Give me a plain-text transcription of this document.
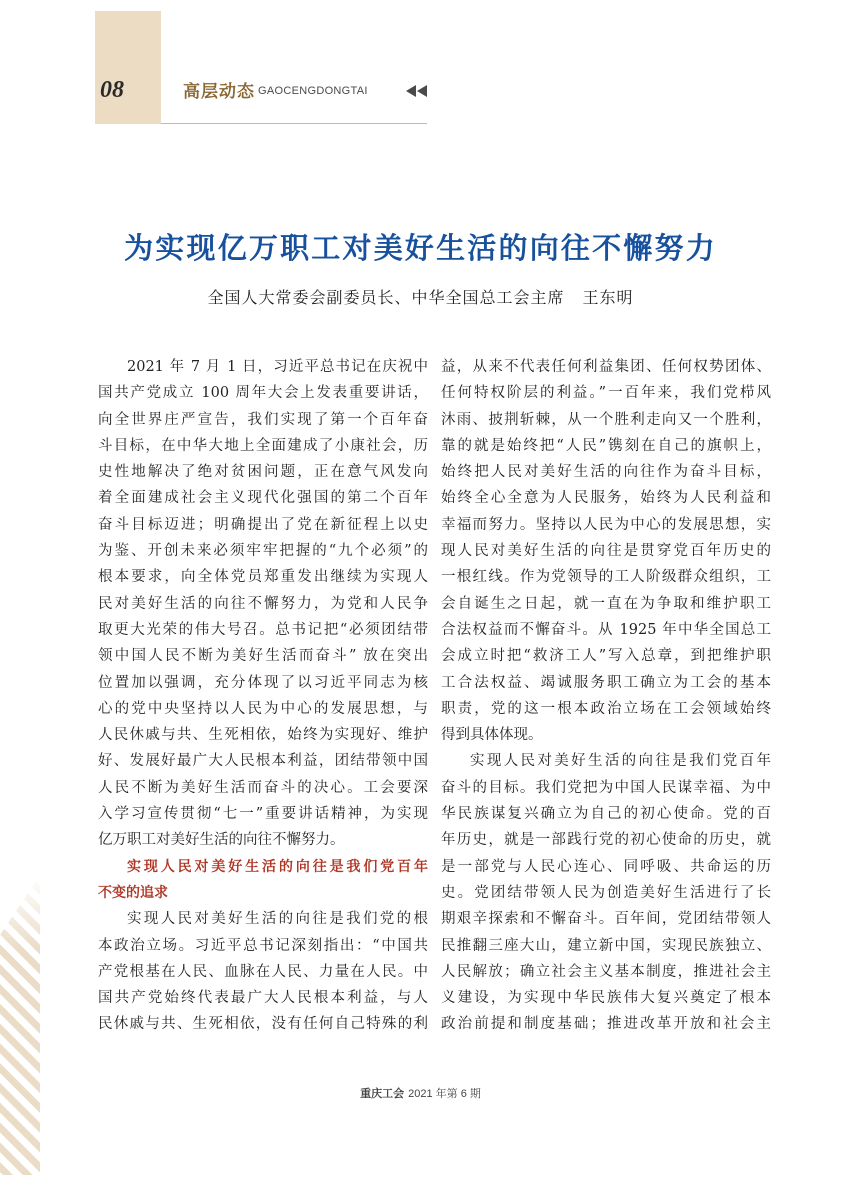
08	高层动态 GAOCENGDONGTAI
为实现亿万职工对美好生活的向往不懈努力
全国人大常委会副委员长、中华全国总工会主席 王东明
2021 年 7 月 1 日，习近平总书记在庆祝中
国共产党成立 100 周年大会上发表重要讲话，
向全世界庄严宣告，我们实现了第一个百年奋
斗目标，在中华大地上全面建成了小康社会，历
史性地解决了绝对贫困问题，正在意气风发向
着全面建成社会主义现代化强国的第二个百年
奋斗目标迈进；明确提出了党在新征程上以史
为鉴、开创未来必须牢牢把握的“九个必须”的
根本要求，向全体党员郑重发出继续为实现人
民对美好生活的向往不懈努力，为党和人民争
取更大光荣的伟大号召。总书记把“必须团结带
领中国人民不断为美好生活而奋斗” 放在突出
位置加以强调，充分体现了以习近平同志为核
心的党中央坚持以人民为中心的发展思想，与
人民休戚与共、生死相依，始终为实现好、维护
好、发展好最广大人民根本利益，团结带领中国
人民不断为美好生活而奋斗的决心。工会要深
入学习宣传贯彻“七一”重要讲话精神，为实现
亿万职工对美好生活的向往不懈努力。
实现人民对美好生活的向往是我们党百年
不变的追求
实现人民对美好生活的向往是我们党的根
本政治立场。习近平总书记深刻指出：“中国共
产党根基在人民、血脉在人民、力量在人民。中
国共产党始终代表最广大人民根本利益，与人
民休戚与共、生死相依，没有任何自己特殊的利
益，从来不代表任何利益集团、任何权势团体、
任何特权阶层的利益。”一百年来，我们党栉风
沐雨、披荆斩棘，从一个胜利走向又一个胜利，
靠的就是始终把“人民”镌刻在自己的旗帜上，
始终把人民对美好生活的向往作为奋斗目标，
始终全心全意为人民服务，始终为人民利益和
幸福而努力。坚持以人民为中心的发展思想，实
现人民对美好生活的向往是贯穿党百年历史的
一根红线。作为党领导的工人阶级群众组织，工
会自诞生之日起，就一直在为争取和维护职工
合法权益而不懈奋斗。从 1925 年中华全国总工
会成立时把“救济工人”写入总章，到把维护职
工合法权益、竭诚服务职工确立为工会的基本
职责，党的这一根本政治立场在工会领域始终
得到具体体现。
实现人民对美好生活的向往是我们党百年
奋斗的目标。我们党把为中国人民谋幸福、为中
华民族谋复兴确立为自己的初心使命。党的百
年历史，就是一部践行党的初心使命的历史，就
是一部党与人民心连心、同呼吸、共命运的历
史。党团结带领人民为创造美好生活进行了长
期艰辛探索和不懈奋斗。百年间，党团结带领人
民推翻三座大山，建立新中国，实现民族独立、
人民解放；确立社会主义基本制度，推进社会主
义建设，为实现中华民族伟大复兴奠定了根本
政治前提和制度基础；推进改革开放和社会主
重庆工会 2021 年第 6 期
